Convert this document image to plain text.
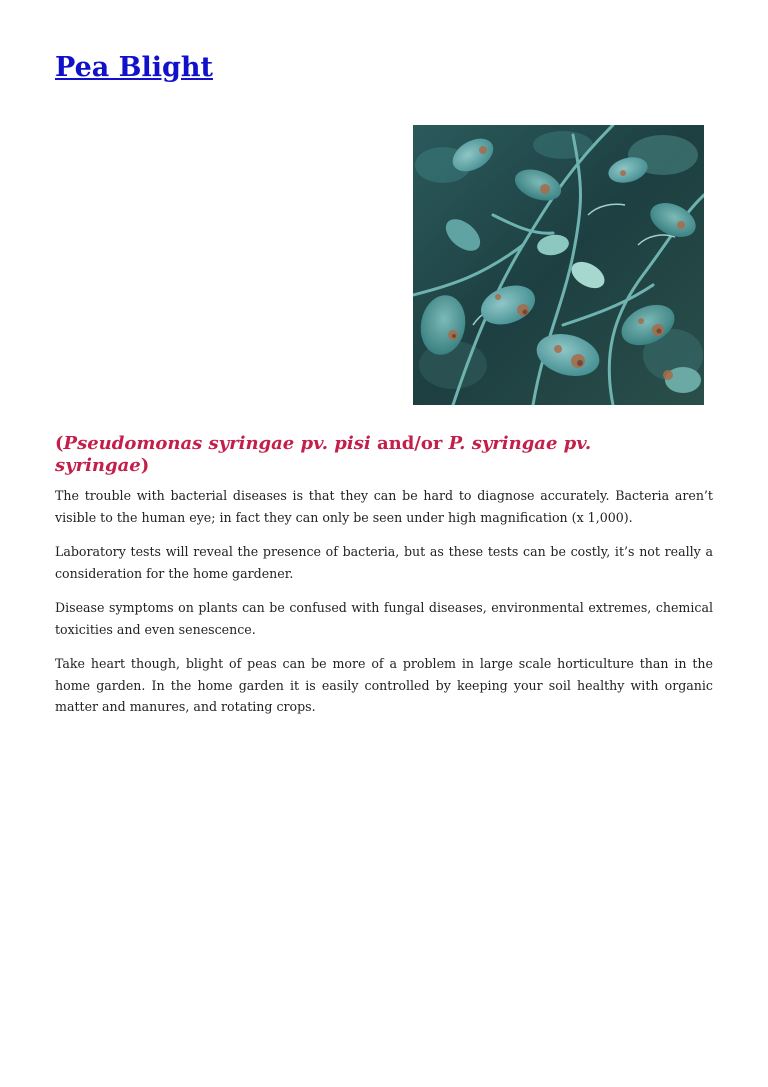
Pea Blight
(Pseudomonas syringae pv. pisi and/or P. syringae pv. syringae)

The trouble with bacterial diseases is that they can be hard to diagnose accurately. Bacteria aren’t visible to the human eye; in fact they can only be seen under high magnification (x 1,000).

Laboratory tests will reveal the presence of bacteria, but as these tests can be costly, it’s not really a consideration for the home gardener.

Disease symptoms on plants can be confused with fungal diseases, environmental extremes, chemical toxicities and even senescence.

Take heart though, blight of peas can be more of a problem in large scale horticulture than in the home garden. In the home garden it is easily controlled by keeping your soil healthy with organic matter and manures, and rotating crops.
